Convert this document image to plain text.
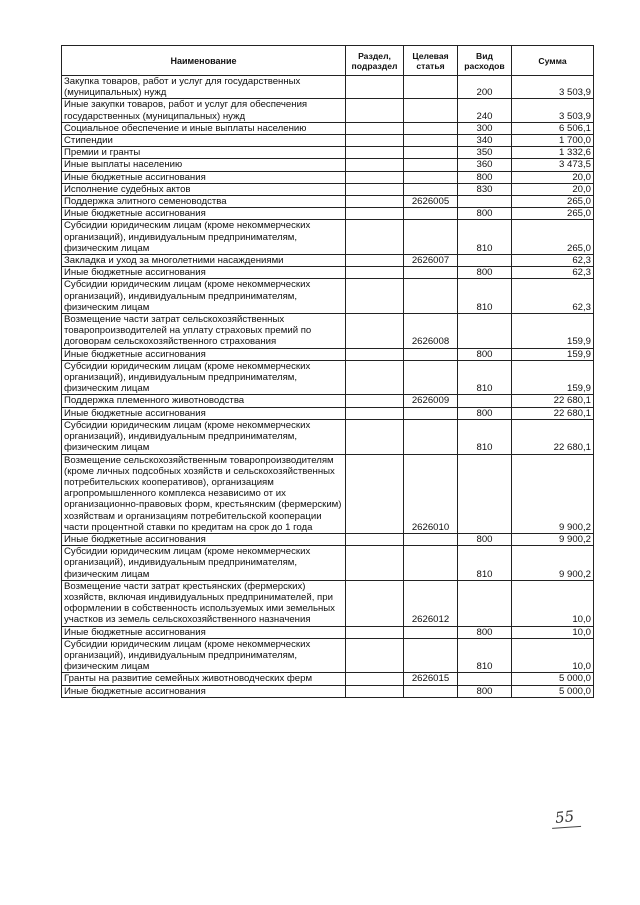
Наименование	Раздел, подраздел	Целевая статья	Вид расходов	Сумма
Закупка товаров, работ и услуг для государственных (муниципальных) нужд			200	3 503,9
Иные закупки товаров, работ и услуг для обеспечения государственных (муниципальных) нужд			240	3 503,9
Социальное обеспечение и иные выплаты населению			300	6 506,1
Стипендии			340	1 700,0
Премии и гранты			350	1 332,6
Иные выплаты населению			360	3 473,5
Иные бюджетные ассигнования			800	20,0
Исполнение судебных актов			830	20,0
Поддержка элитного семеноводства		2626005		265,0
Иные бюджетные ассигнования			800	265,0
Субсидии юридическим лицам (кроме некоммерческих организаций), индивидуальным предпринимателям, физическим лицам			810	265,0
Закладка и уход за многолетними насаждениями		2626007		62,3
Иные бюджетные ассигнования			800	62,3
Субсидии юридическим лицам (кроме некоммерческих организаций), индивидуальным предпринимателям, физическим лицам			810	62,3
Возмещение части затрат сельскохозяйственных товаропроизводителей на уплату страховых премий по договорам сельскохозяйственного страхования		2626008		159,9
Иные бюджетные ассигнования			800	159,9
Субсидии юридическим лицам (кроме некоммерческих организаций), индивидуальным предпринимателям, физическим лицам			810	159,9
Поддержка племенного животноводства		2626009		22 680,1
Иные бюджетные ассигнования			800	22 680,1
Субсидии юридическим лицам (кроме некоммерческих организаций), индивидуальным предпринимателям, физическим лицам			810	22 680,1
Возмещение сельскохозяйственным товаропроизводителям (кроме личных подсобных хозяйств и сельскохозяйственных потребительских кооперативов), организациям агропромышленного комплекса независимо от их организационно-правовых форм, крестьянским (фермерским) хозяйствам и организациям потребительской кооперации части процентной ставки по кредитам на срок до 1 года		2626010		9 900,2
Иные бюджетные ассигнования			800	9 900,2
Субсидии юридическим лицам (кроме некоммерческих организаций), индивидуальным предпринимателям, физическим лицам			810	9 900,2
Возмещение части затрат крестьянских (фермерских) хозяйств, включая индивидуальных предпринимателей, при оформлении в собственность используемых ими земельных участков из земель сельскохозяйственного назначения		2626012		10,0
Иные бюджетные ассигнования			800	10,0
Субсидии юридическим лицам (кроме некоммерческих организаций), индивидуальным предпринимателям, физическим лицам			810	10,0
Гранты на развитие семейных животноводческих ферм		2626015		5 000,0
Иные бюджетные ассигнования			800	5 000,0
55
